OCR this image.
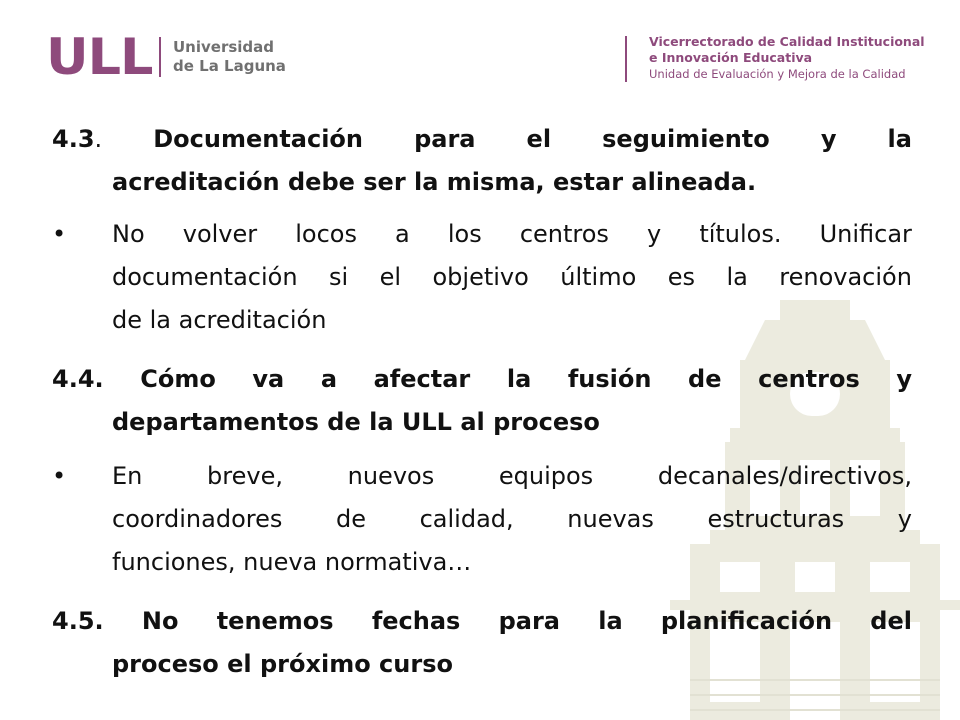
ULL Universidad
de La Laguna
Vicerrectorado de Calidad Institucional
e Innovación Educativa
Unidad de Evaluación y Mejora de la Calidad
4.3. Documentación para el seguimiento y la
acreditación debe ser la misma, estar alineada.
• No volver locos a los centros y títulos. Unificar
documentación si el objetivo último es la renovación
de la acreditación
4.4. Cómo va a afectar la fusión de centros y
departamentos de la ULL al proceso
• En	breve,	nuevos	equipos	decanales/directivos,
coordinadores de calidad, nuevas estructuras y
funciones, nueva normativa…
4.5. No tenemos fechas para la planificación del
proceso el próximo curso
